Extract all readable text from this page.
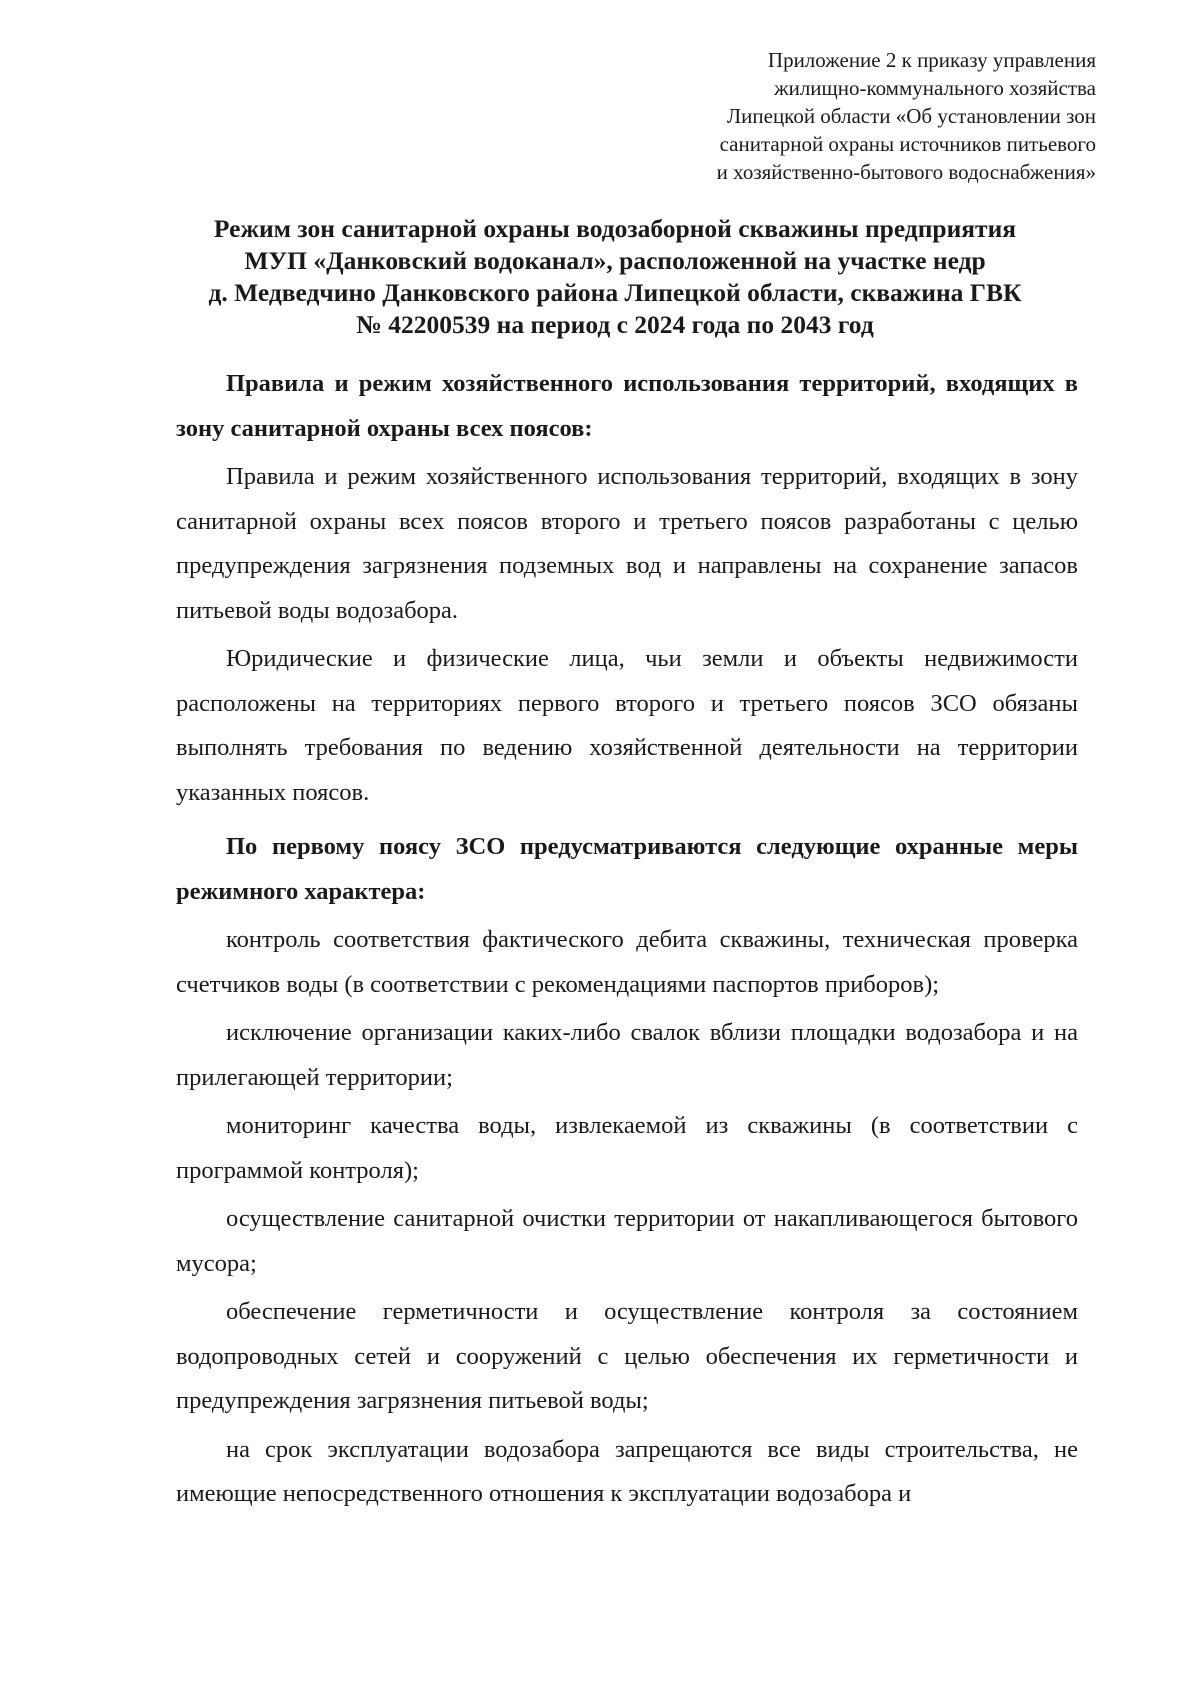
Приложение 2 к приказу управления
жилищно-коммунального хозяйства
Липецкой области «Об установлении зон
санитарной охраны источников питьевого
и хозяйственно-бытового водоснабжения»
Режим зон санитарной охраны водозаборной скважины предприятия
МУП «Данковский водоканал», расположенной на участке недр
д. Медведчино Данковского района Липецкой области, скважина ГВК
№ 42200539 на период с 2024 года по 2043 год

Правила и режим хозяйственного использования территорий, входящих в зону санитарной охраны всех поясов:

Правила и режим хозяйственного использования территорий, входящих в зону санитарной охраны всех поясов второго и третьего поясов разработаны с целью предупреждения загрязнения подземных вод и направлены на сохранение запасов питьевой воды водозабора.

Юридические и физические лица, чьи земли и объекты недвижимости расположены на территориях первого второго и третьего поясов ЗСО обязаны выполнять требования по ведению хозяйственной деятельности на территории указанных поясов.

По первому поясу ЗСО предусматриваются следующие охранные меры режимного характера:

контроль соответствия фактического дебита скважины, техническая проверка счетчиков воды (в соответствии с рекомендациями паспортов приборов);

исключение организации каких-либо свалок вблизи площадки водозабора и на прилегающей территории;

мониторинг качества воды, извлекаемой из скважины (в соответствии с программой контроля);

осуществление санитарной очистки территории от накапливающегося бытового мусора;

обеспечение герметичности и осуществление контроля за состоянием водопроводных сетей и сооружений с целью обеспечения их герметичности и предупреждения загрязнения питьевой воды;

на срок эксплуатации водозабора запрещаются все виды строительства, не имеющие непосредственного отношения к эксплуатации водозабора и
